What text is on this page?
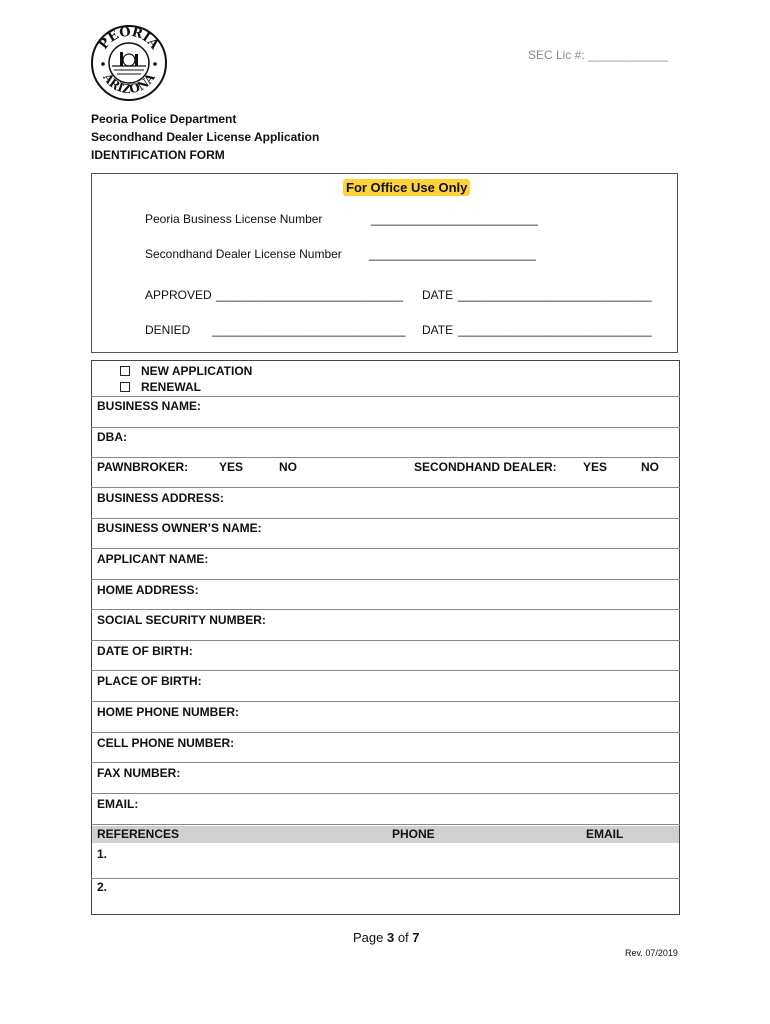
PEORIA
ARIZONA
SEC Lic #: ____________
Peoria Police Department
Secondhand Dealer License Application
IDENTIFICATION FORM
For Office Use Only
Peoria Business License Number	_________________________
Secondhand Dealer License Number _________________________
APPROVED ____________________________ DATE _____________________________
DENIED _____________________________ DATE _____________________________
NEW APPLICATION
RENEWAL
BUSINESS NAME:
DBA:
PAWNBROKER:	YES	NO	SECONDHAND DEALER: YES	NO
BUSINESS ADDRESS:
BUSINESS OWNER’S NAME:
APPLICANT NAME:
HOME ADDRESS:
SOCIAL SECURITY NUMBER:
DATE OF BIRTH:
PLACE OF BIRTH:
HOME PHONE NUMBER:
CELL PHONE NUMBER:
FAX NUMBER:
EMAIL:
REFERENCES	PHONE	EMAIL
1.
2.
Page 3 of 7
Rev. 07/2019
